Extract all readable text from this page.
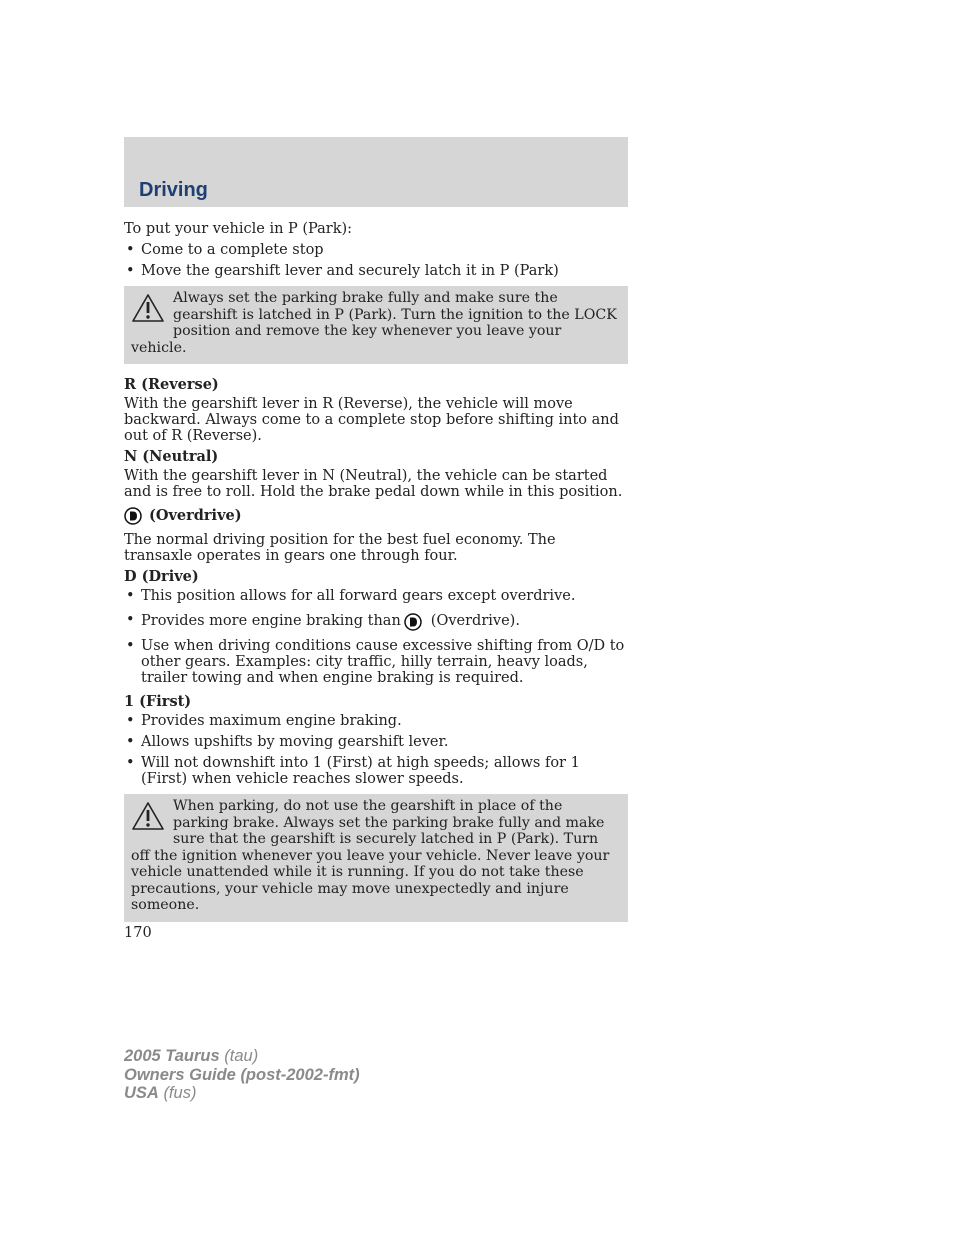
Driving

To put your vehicle in P (Park):

• Come to a complete stop
• Move the gearshift lever and securely latch it in P (Park)

Always set the parking brake fully and make sure the gearshift is latched in P (Park). Turn the ignition to the LOCK position and remove the key whenever you leave your vehicle.

R (Reverse)

With the gearshift lever in R (Reverse), the vehicle will move backward. Always come to a complete stop before shifting into and out of R (Reverse).

N (Neutral)

With the gearshift lever in N (Neutral), the vehicle can be started and is free to roll. Hold the brake pedal down while in this position.

(Overdrive)

The normal driving position for the best fuel economy. The transaxle operates in gears one through four.

D (Drive)

• This position allows for all forward gears except overdrive.
• Provides more engine braking than (Overdrive).
• Use when driving conditions cause excessive shifting from O/D to other gears. Examples: city traffic, hilly terrain, heavy loads, trailer towing and when engine braking is required.

1 (First)

• Provides maximum engine braking.
• Allows upshifts by moving gearshift lever.
• Will not downshift into 1 (First) at high speeds; allows for 1 (First) when vehicle reaches slower speeds.

When parking, do not use the gearshift in place of the parking brake. Always set the parking brake fully and make sure that the gearshift is securely latched in P (Park). Turn off the ignition whenever you leave your vehicle. Never leave your vehicle unattended while it is running. If you do not take these precautions, your vehicle may move unexpectedly and injure someone.

170
2005 Taurus (tau)
Owners Guide (post-2002-fmt)
USA (fus)
